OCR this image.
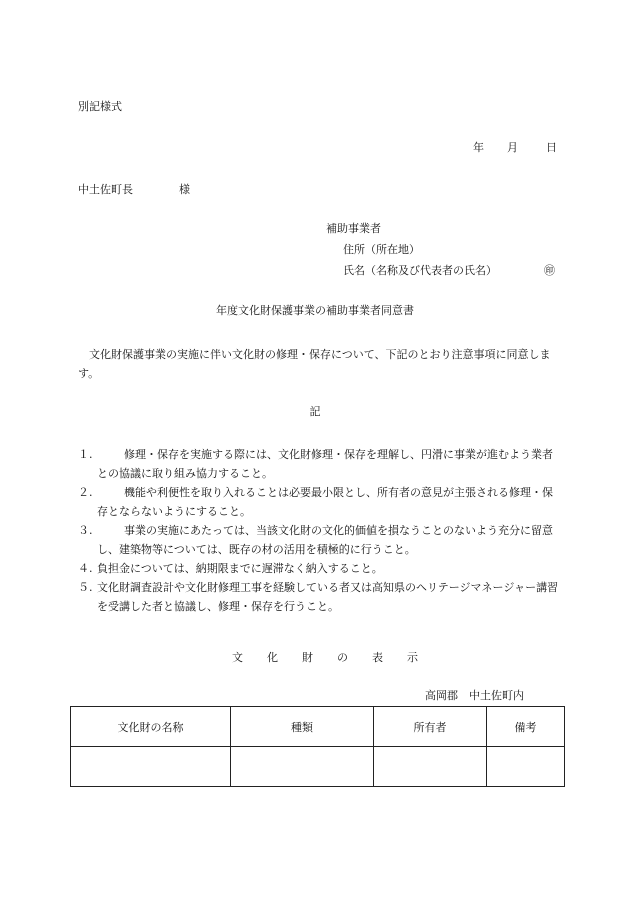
別記様式
年 月	日
中土佐町長	様
補助事業者
住所（所在地）
氏名（名称及び代表者の氏名）	㊞
年度文化財保護事業の補助事業者同意書
文化財保護事業の実施に伴い文化財の修理・保存について、下記のとおり注意事項に同意します。
記
１.	修理・保存を実施する際には、文化財修理・保存を理解し、円滑に事業が進むよう業者との協議に取り組み協力すること。
２.	機能や利便性を取り入れることは必要最小限とし、所有者の意見が主張される修理・保存とならないようにすること。
３.	事業の実施にあたっては、当該文化財の文化的価値を損なうことのないよう充分に留意し、建築物等については、既存の材の活用を積極的に行うこと。
４. 負担金については、納期限までに遅滞なく納入すること。
５. 文化財調査設計や文化財修理工事を経験している者又は高知県のヘリテージマネージャー講習を受講した者と協議し、修理・保存を行うこと。
文 化 財 の 表 示
高岡郡　中土佐町内
文化財の名称	種類	所有者	備考
